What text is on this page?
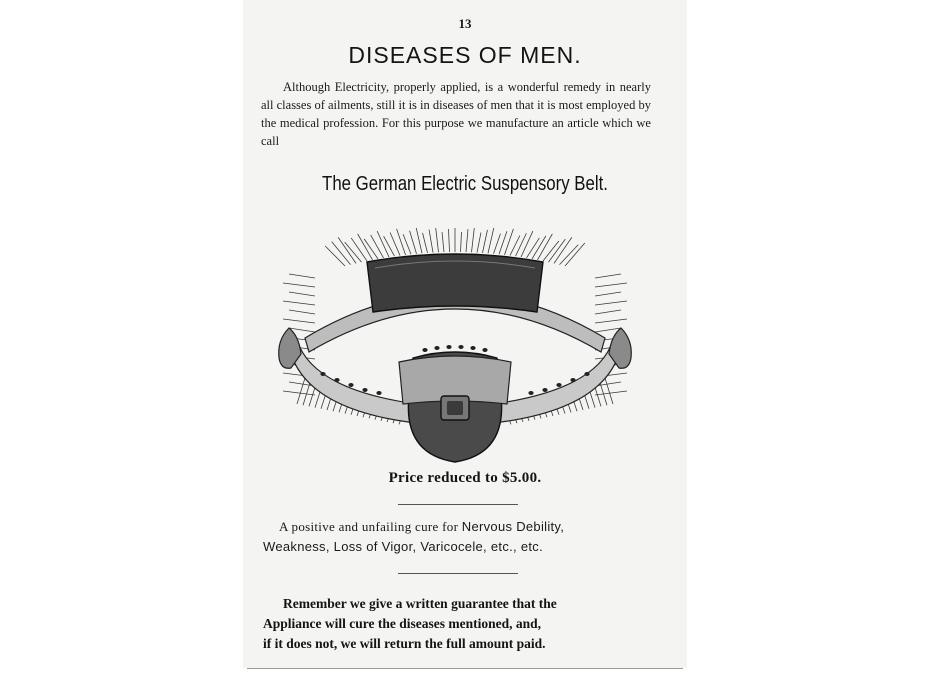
13
DISEASES OF MEN.

Although Electricity, properly applied, is a wonderful remedy in nearly all classes of ailments, still it is in diseases of men that it is most employed by the medical profession. For this purpose we manufacture an article which we call

The German Electric Suspensory Belt.
Price reduced to $5.00.

A positive and unfailing cure for Nervous Debility,
Weakness, Loss of Vigor, Varicocele, etc., etc.

Remember we give a written guarantee that the
Appliance will cure the diseases mentioned, and,
if it does not, we will return the full amount paid.
